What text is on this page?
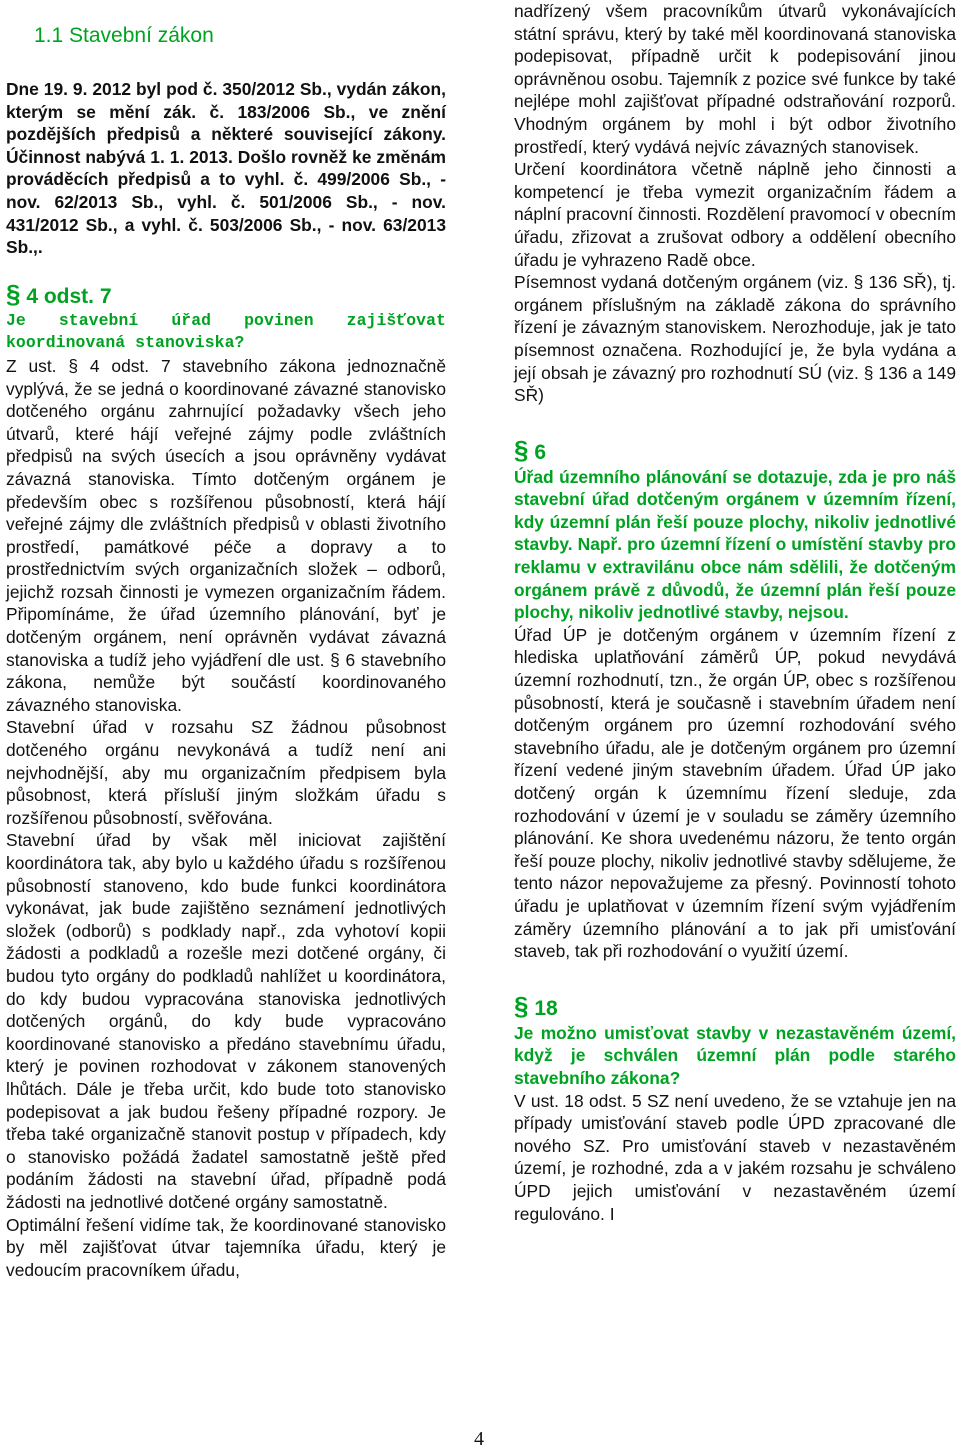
1.1 Stavební zákon

Dne 19. 9. 2012 byl pod č. 350/2012 Sb., vydán zákon, kterým se mění zák. č. 183/2006 Sb., ve znění pozdějších předpisů a některé související zákony. Účinnost nabývá 1. 1. 2013. Došlo rovněž ke změnám prováděcích předpisů a to vyhl. č. 499/2006 Sb., - nov. 62/2013 Sb., vyhl. č. 501/2006 Sb., - nov. 431/2012 Sb., a vyhl. č. 503/2006 Sb., - nov. 63/2013 Sb.,.

§ 4 odst. 7

Je stavební úřad povinen zajišťovat koordinovaná stanoviska?

Z ust. § 4 odst. 7 stavebního zákona jednoznačně vyplývá, že se jedná o koordinované závazné stanovisko dotčeného orgánu zahrnující požadavky všech jeho útvarů, které hájí veřejné zájmy podle zvláštních předpisů na svých úsecích a jsou oprávněny vydávat závazná stanoviska. Tímto dotčeným orgánem je především obec s rozšířenou působností, která hájí veřejné zájmy dle zvláštních předpisů v oblasti životního prostředí, památkové péče a dopravy a to prostřednictvím svých organizačních složek – odborů, jejichž rozsah činnosti je vymezen organizačním řádem. Připomínáme, že úřad územního plánování, byť je dotčeným orgánem, není oprávněn vydávat závazná stanoviska a tudíž jeho vyjádření dle ust. § 6 stavebního zákona, nemůže být součástí koordinovaného závazného stanoviska.

Stavební úřad v rozsahu SZ žádnou působnost dotčeného orgánu nevykonává a tudíž není ani nejvhodnější, aby mu organizačním předpisem byla působnost, která přísluší jiným složkám úřadu s rozšířenou působností, svěřována.

Stavební úřad by však měl iniciovat zajištění koordinátora tak, aby bylo u každého úřadu s rozšířenou působností stanoveno, kdo bude funkci koordinátora vykonávat, jak bude zajištěno seznámení jednotlivých složek (odborů) s podklady např., zda vyhotoví kopii žádosti a podkladů a rozešle mezi dotčené orgány, či budou tyto orgány do podkladů nahlížet u koordinátora, do kdy budou vypracována stanoviska jednotlivých dotčených orgánů, do kdy bude vypracováno koordinované stanovisko a předáno stavebnímu úřadu, který je povinen rozhodovat v zákonem stanovených lhůtách. Dále je třeba určit, kdo bude toto stanovisko podepisovat a jak budou řešeny případné rozpory. Je třeba také organizačně stanovit postup v případech, kdy o stanovisko požádá žadatel samostatně ještě před podáním žádosti na stavební úřad, případně podá žádosti na jednotlivé dotčené orgány samostatně.

Optimální řešení vidíme tak, že koordinované stanovisko by měl zajišťovat útvar tajemníka úřadu, který je vedoucím pracovníkem úřadu,

nadřízený všem pracovníkům útvarů vykonávajících státní správu, který by také měl koordinovaná stanoviska podepisovat, případně určit k podepisování jinou oprávněnou osobu. Tajemník z pozice své funkce by také nejlépe mohl zajišťovat případné odstraňování rozporů. Vhodným orgánem by mohl i být odbor životního prostředí, který vydává nejvíc závazných stanovisek.

Určení koordinátora včetně náplně jeho činnosti a kompetencí je třeba vymezit organizačním řádem a náplní pracovní činnosti. Rozdělení pravomocí v obecním úřadu, zřizovat a zrušovat odbory a oddělení obecního úřadu je vyhrazeno Radě obce.

Písemnost vydaná dotčeným orgánem (viz. § 136 SŘ), tj. orgánem příslušným na základě zákona do správního řízení je závazným stanoviskem. Nerozhoduje, jak je tato písemnost označena. Rozhodující je, že byla vydána a její obsah je závazný pro rozhodnutí SÚ (viz. § 136 a 149 SŘ)

§ 6

Úřad územního plánování se dotazuje, zda je pro náš stavební úřad dotčeným orgánem v územním řízení, kdy územní plán řeší pouze plochy, nikoliv jednotlivé stavby. Např. pro územní řízení o umístění stavby pro reklamu v extravilánu obce nám sdělili, že dotčeným orgánem právě z důvodů, že územní plán řeší pouze plochy, nikoliv jednotlivé stavby, nejsou.

Úřad ÚP je dotčeným orgánem v územním řízení z hlediska uplatňování záměrů ÚP, pokud nevydává územní rozhodnutí, tzn., že orgán ÚP, obec s rozšířenou působností, která je současně i stavebním úřadem není dotčeným orgánem pro územní rozhodování svého stavebního úřadu, ale je dotčeným orgánem pro územní řízení vedené jiným stavebním úřadem. Úřad ÚP jako dotčený orgán k územnímu řízení sleduje, zda rozhodování v území je v souladu se záměry územního plánování. Ke shora uvedenému názoru, že tento orgán řeší pouze plochy, nikoliv jednotlivé stavby sdělujeme, že tento názor nepovažujeme za přesný. Povinností tohoto úřadu je uplatňovat v územním řízení svým vyjádřením záměry územního plánování a to jak při umisťování staveb, tak při rozhodování o využití území.

§ 18

Je možno umisťovat stavby v nezastavěném území, když je schválen územní plán podle starého stavebního zákona?

V ust. 18 odst. 5 SZ není uvedeno, že se vztahuje jen na případy umisťování staveb podle ÚPD zpracované dle nového SZ. Pro umisťování staveb v nezastavěném území, je rozhodné, zda a v jakém rozsahu je schváleno ÚPD jejich umisťování v nezastavěném území regulováno. I

4
